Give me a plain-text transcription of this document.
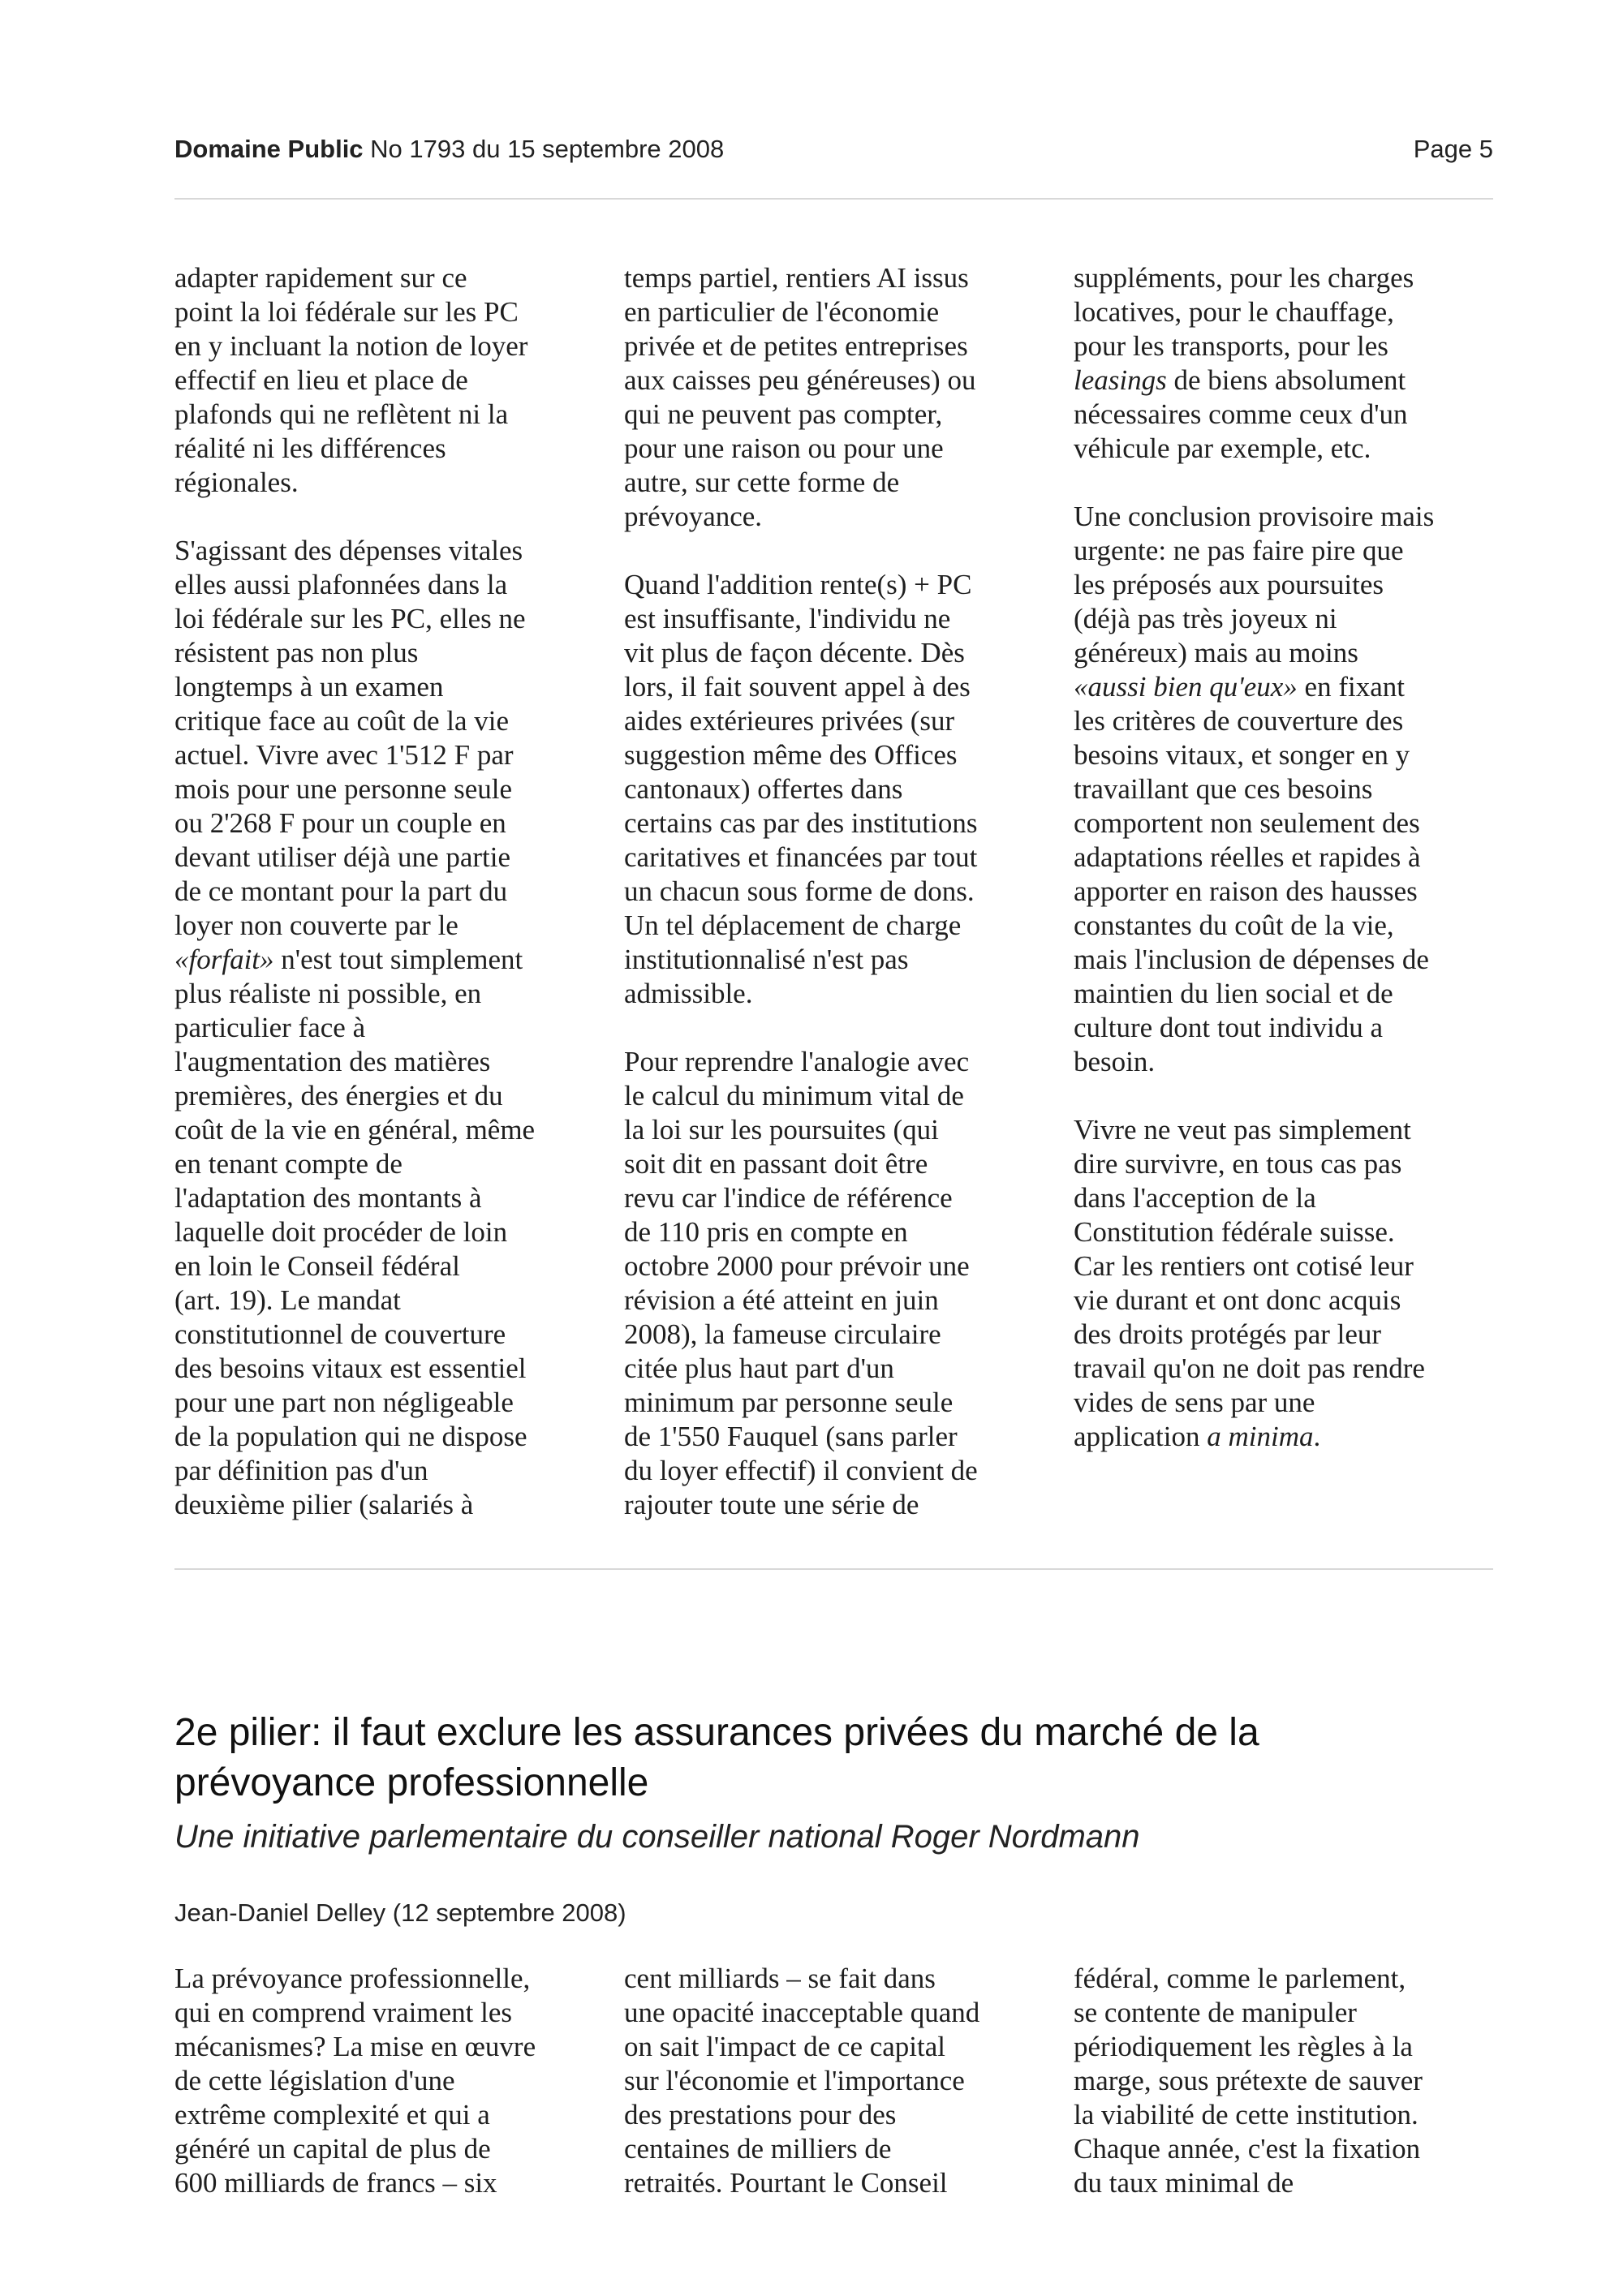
Domaine Public No 1793 du 15 septembre 2008	Page 5

adapter rapidement sur ce
point la loi fédérale sur les PC
en y incluant la notion de loyer
effectif en lieu et place de
plafonds qui ne reflètent ni la
réalité ni les différences
régionales.

S'agissant des dépenses vitales
elles aussi plafonnées dans la
loi fédérale sur les PC, elles ne
résistent pas non plus
longtemps à un examen
critique face au coût de la vie
actuel. Vivre avec 1'512 F par
mois pour une personne seule
ou 2'268 F pour un couple en
devant utiliser déjà une partie
de ce montant pour la part du
loyer non couverte par le
«forfait» n'est tout simplement
plus réaliste ni possible, en
particulier face à
l'augmentation des matières
premières, des énergies et du
coût de la vie en général, même
en tenant compte de
l'adaptation des montants à
laquelle doit procéder de loin
en loin le Conseil fédéral
(art. 19). Le mandat
constitutionnel de couverture
des besoins vitaux est essentiel
pour une part non négligeable
de la population qui ne dispose
par définition pas d'un
deuxième pilier (salariés à

temps partiel, rentiers AI issus
en particulier de l'économie
privée et de petites entreprises
aux caisses peu généreuses) ou
qui ne peuvent pas compter,
pour une raison ou pour une
autre, sur cette forme de
prévoyance.

Quand l'addition rente(s) + PC
est insuffisante, l'individu ne
vit plus de façon décente. Dès
lors, il fait souvent appel à des
aides extérieures privées (sur
suggestion même des Offices
cantonaux) offertes dans
certains cas par des institutions
caritatives et financées par tout
un chacun sous forme de dons.
Un tel déplacement de charge
institutionnalisé n'est pas
admissible.

Pour reprendre l'analogie avec
le calcul du minimum vital de
la loi sur les poursuites (qui
soit dit en passant doit être
revu car l'indice de référence
de 110 pris en compte en
octobre 2000 pour prévoir une
révision a été atteint en juin
2008), la fameuse circulaire
citée plus haut part d'un
minimum par personne seule
de 1'550 Fauquel (sans parler
du loyer effectif) il convient de
rajouter toute une série de

suppléments, pour les charges
locatives, pour le chauffage,
pour les transports, pour les
leasings de biens absolument
nécessaires comme ceux d'un
véhicule par exemple, etc.

Une conclusion provisoire mais
urgente: ne pas faire pire que
les préposés aux poursuites
(déjà pas très joyeux ni
généreux) mais au moins
«aussi bien qu'eux» en fixant
les critères de couverture des
besoins vitaux, et songer en y
travaillant que ces besoins
comportent non seulement des
adaptations réelles et rapides à
apporter en raison des hausses
constantes du coût de la vie,
mais l'inclusion de dépenses de
maintien du lien social et de
culture dont tout individu a
besoin.

Vivre ne veut pas simplement
dire survivre, en tous cas pas
dans l'acception de la
Constitution fédérale suisse.
Car les rentiers ont cotisé leur
vie durant et ont donc acquis
des droits protégés par leur
travail qu'on ne doit pas rendre
vides de sens par une
application a minima.

2e pilier: il faut exclure les assurances privées du marché de la
prévoyance professionnelle
Une initiative parlementaire du conseiller national Roger Nordmann
Jean-Daniel Delley (12 septembre 2008)

La prévoyance professionnelle,
qui en comprend vraiment les
mécanismes? La mise en œuvre
de cette législation d'une
extrême complexité et qui a
généré un capital de plus de
600 milliards de francs – six

cent milliards – se fait dans
une opacité inacceptable quand
on sait l'impact de ce capital
sur l'économie et l'importance
des prestations pour des
centaines de milliers de
retraités. Pourtant le Conseil

fédéral, comme le parlement,
se contente de manipuler
périodiquement les règles à la
marge, sous prétexte de sauver
la viabilité de cette institution.
Chaque année, c'est la fixation
du taux minimal de
